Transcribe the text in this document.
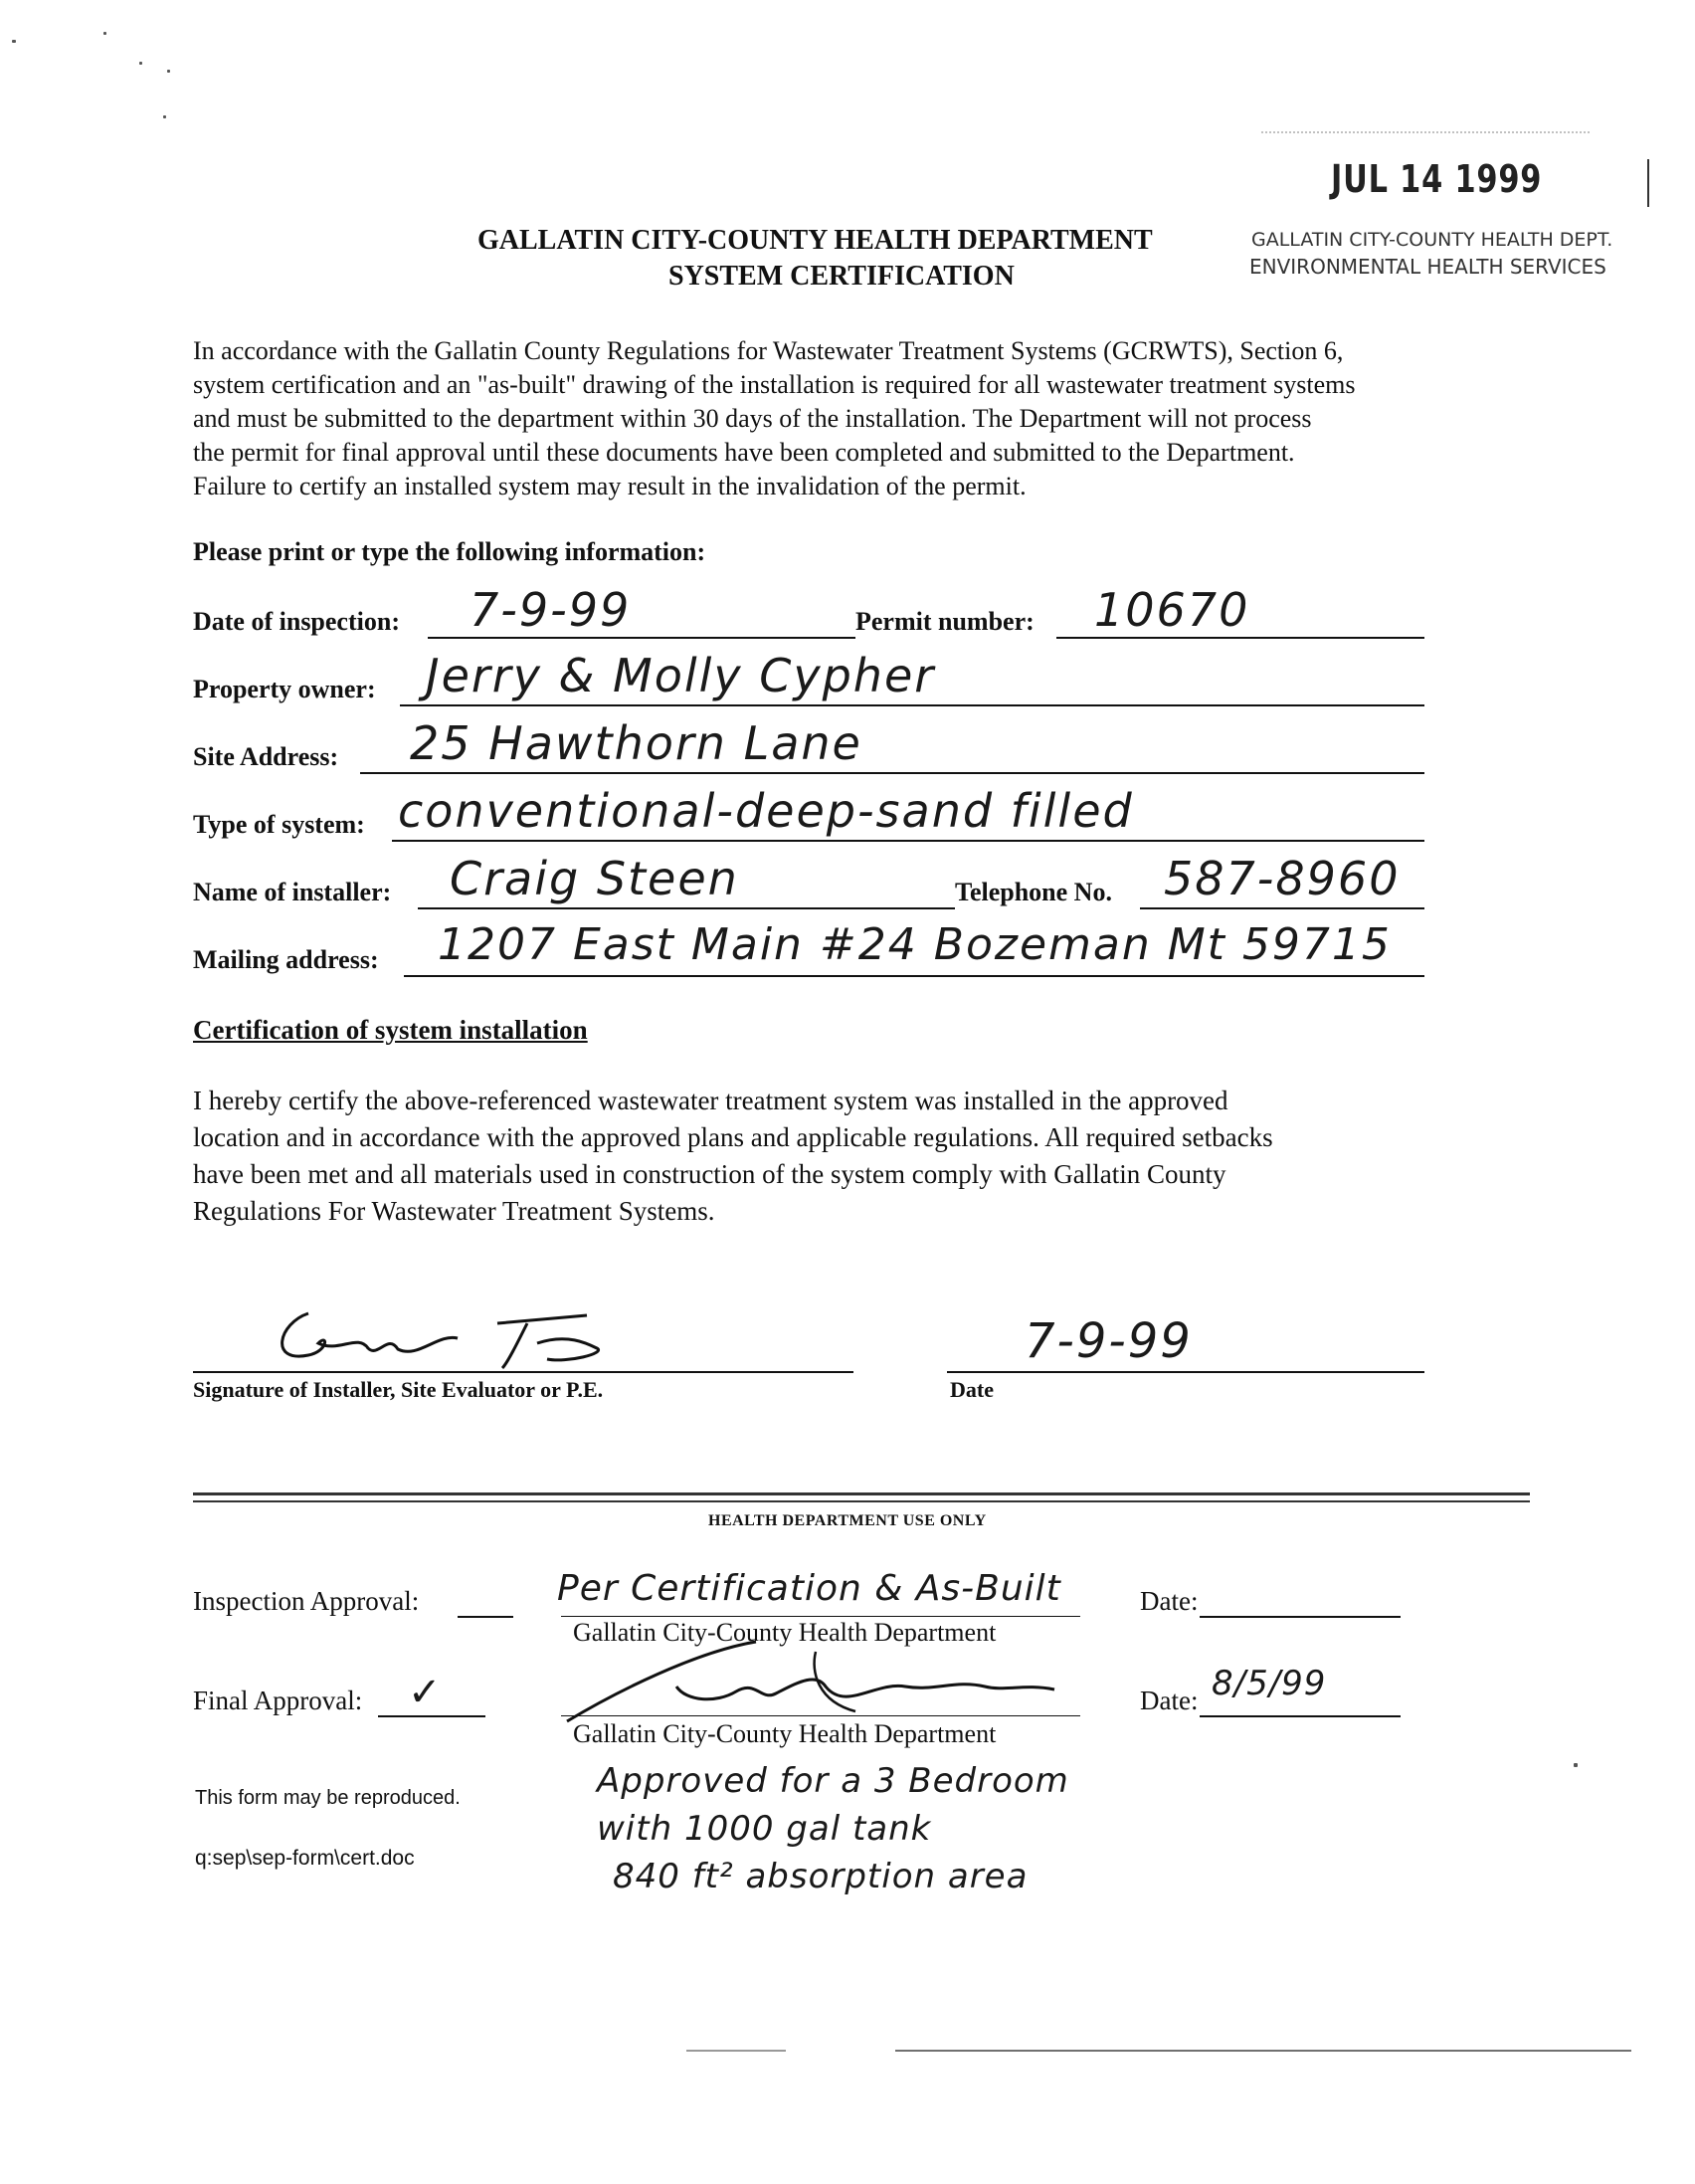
JUL 14 1999
GALLATIN CITY-COUNTY HEALTH DEPT.
ENVIRONMENTAL HEALTH SERVICES
GALLATIN CITY-COUNTY HEALTH DEPARTMENT
SYSTEM CERTIFICATION
In accordance with the Gallatin County Regulations for Wastewater Treatment Systems (GCRWTS), Section 6,
system certification and an "as-built" drawing of the installation is required for all wastewater treatment systems
and must be submitted to the department within 30 days of the installation. The Department will not process
the permit for final approval until these documents have been completed and submitted to the Department.
Failure to certify an installed system may result in the invalidation of the permit.
Please print or type the following information:
Date of inspection: 7-9-99	Permit number: 10670
Property owner: Jerry & Molly Cypher
Site Address: 25 Hawthorn Lane
Type of system: conventional-deep-sand filled
Name of installer: Craig Steen	Telephone No. 587-8960
Mailing address: 1207 East Main #24 Bozeman Mt 59715
Certification of system installation
I hereby certify the above-referenced wastewater treatment system was installed in the approved
location and in accordance with the approved plans and applicable regulations. All required setbacks
have been met and all materials used in construction of the system comply with Gallatin County
Regulations For Wastewater Treatment Systems.
Signature of Installer, Site Evaluator or P.E.
7-9-99
Date
HEALTH DEPARTMENT USE ONLY
Inspection Approval:	Per Certification & As-Built
Gallatin City-County Health Department
Date:
Final Approval: ✓
Gallatin City-County Health Department
Date: 8/5/99
Approved for a 3 Bedroom
with 1000 gal tank
840 ft² absorption area
This form may be reproduced.
q:sep\sep-form\cert.doc
